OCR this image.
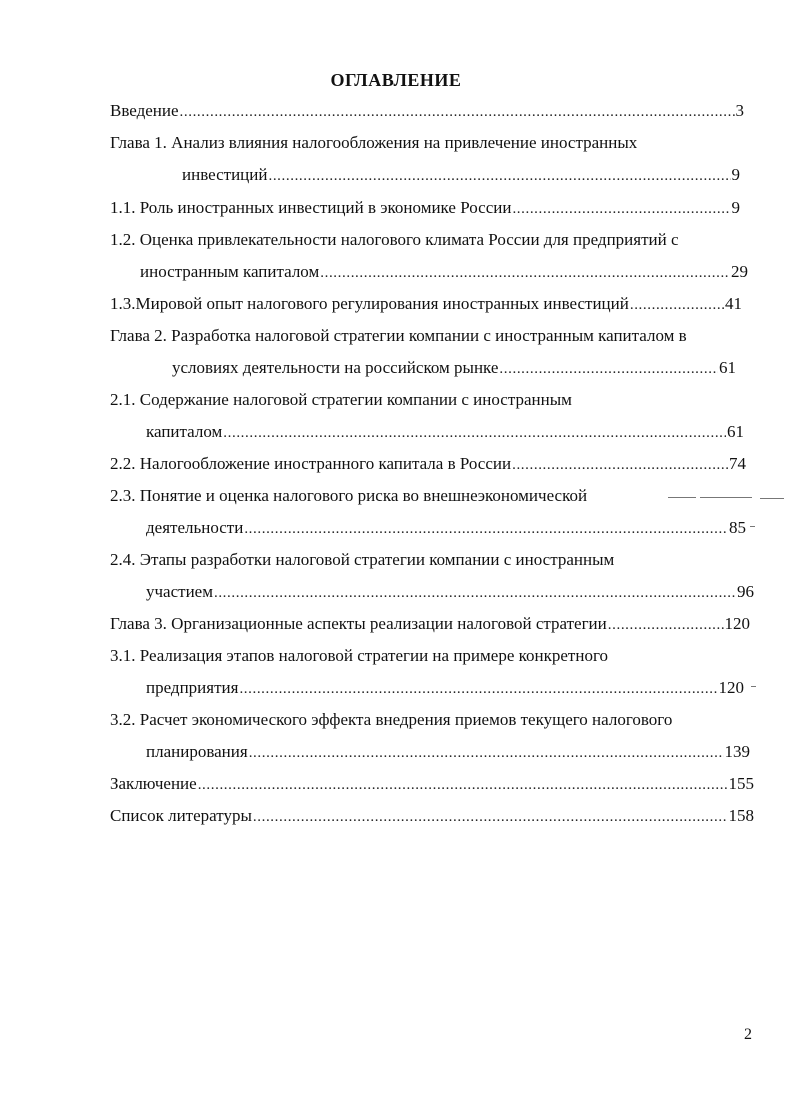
ОГЛАВЛЕНИЕ
Введение .....	3
Глава 1. Анализ влияния налогообложения на привлечение иностранных
инвестиций .....	9
1.1. Роль иностранных инвестиций в экономике России .....	9
1.2. Оценка привлекательности налогового климата России для предприятий с
иностранным капиталом .....	29
1.3.Мировой опыт налогового регулирования иностранных инвестиций .....	41
Глава 2. Разработка налоговой стратегии компании с иностранным капиталом в
условиях деятельности на российском рынке .....	61
2.1. Содержание налоговой стратегии компании с иностранным
капиталом .....	61
2.2. Налогообложение иностранного капитала в России .....	74
2.3. Понятие и оценка налогового риска во внешнеэкономической
деятельности .....	85
2.4. Этапы разработки налоговой стратегии компании с иностранным
участием .....	96
Глава 3. Организационные аспекты реализации налоговой стратегии .....	120
3.1. Реализация этапов налоговой стратегии на примере конкретного
предприятия .....	120
3.2. Расчет экономического эффекта внедрения приемов текущего налогового
планирования .....	139
Заключение .....	155
Список литературы .....	158
2
